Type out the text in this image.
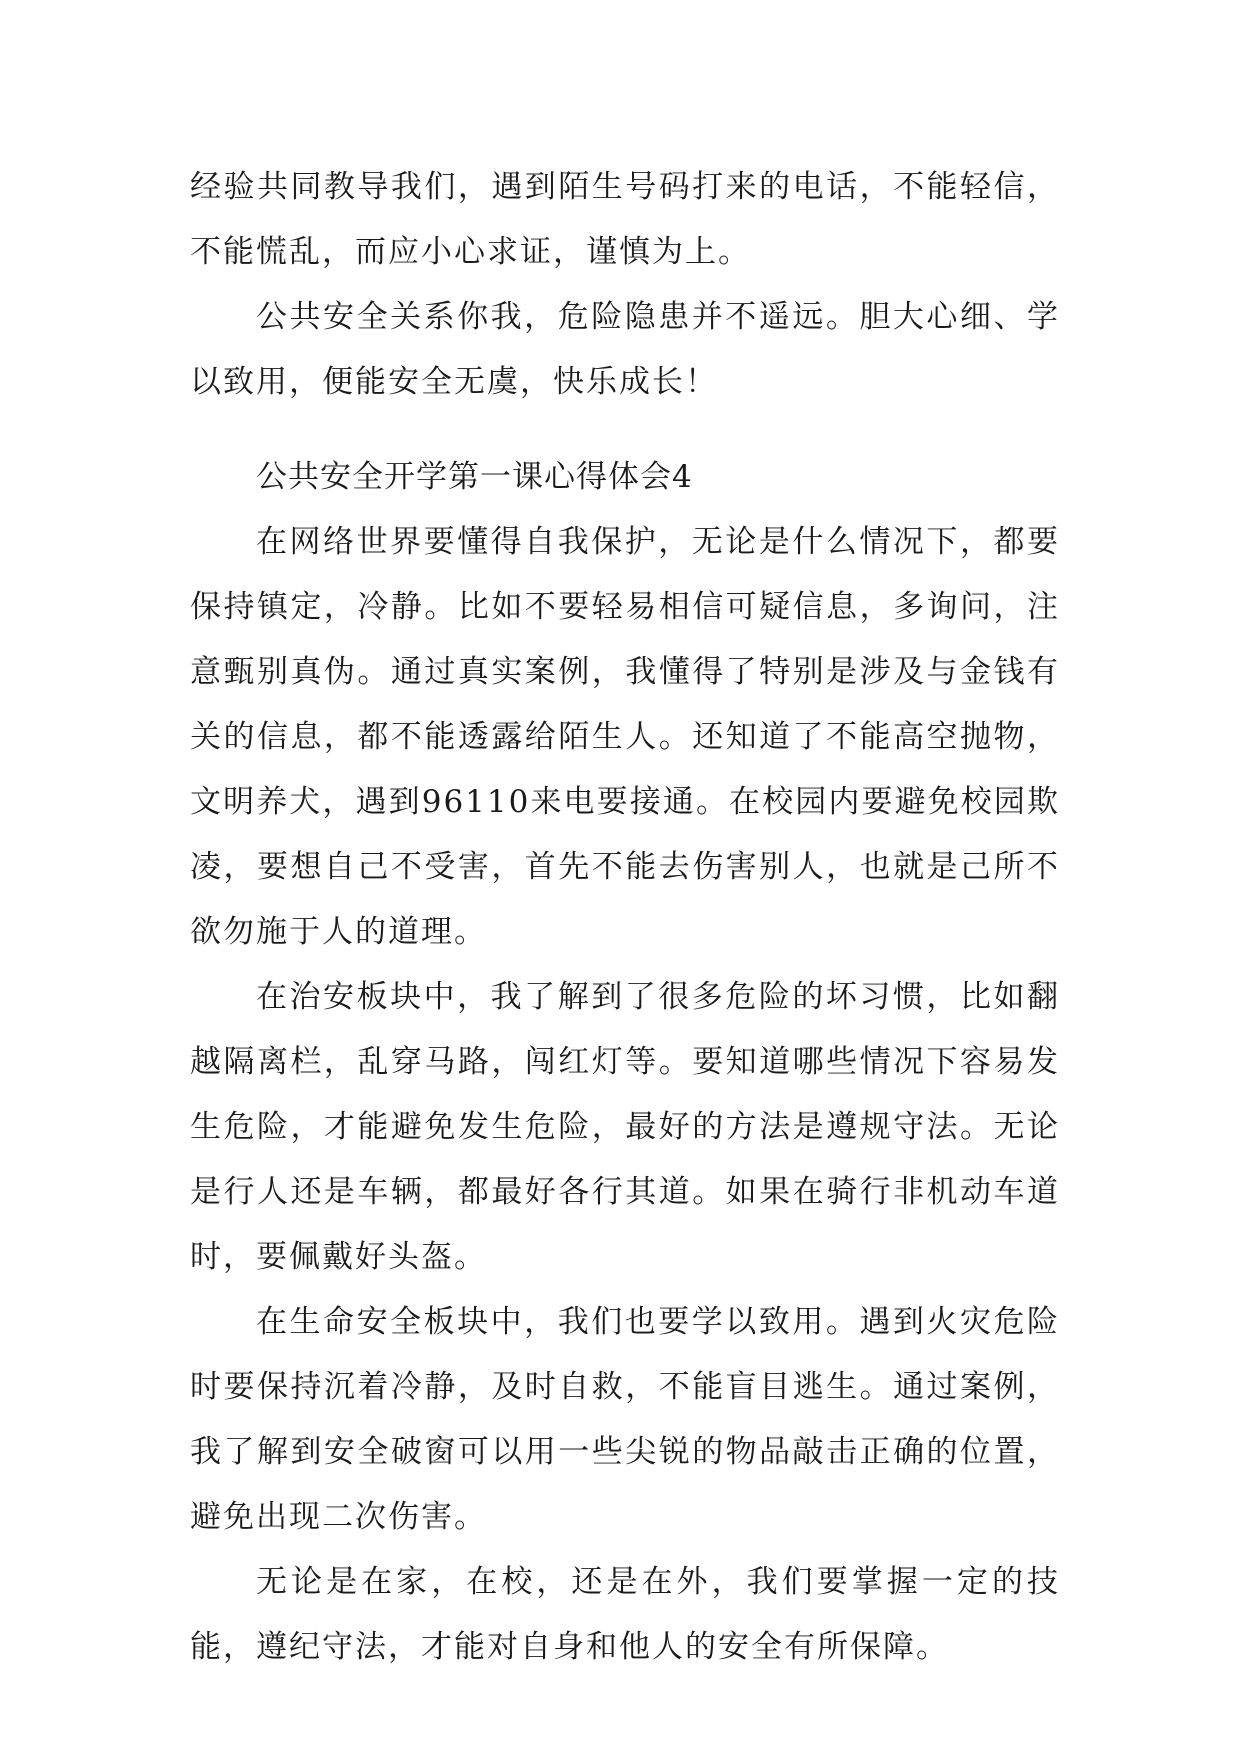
经验共同教导我们，遇到陌生号码打来的电话，不能轻信，不能慌乱，而应小心求证，谨慎为上。

公共安全关系你我，危险隐患并不遥远。胆大心细、学以致用，便能安全无虞，快乐成长！

公共安全开学第一课心得体会4

在网络世界要懂得自我保护，无论是什么情况下，都要保持镇定，冷静。比如不要轻易相信可疑信息，多询问，注意甄别真伪。通过真实案例，我懂得了特别是涉及与金钱有关的信息，都不能透露给陌生人。还知道了不能高空抛物，文明养犬，遇到96110来电要接通。在校园内要避免校园欺凌，要想自己不受害，首先不能去伤害别人，也就是己所不欲勿施于人的道理。

在治安板块中，我了解到了很多危险的坏习惯，比如翻越隔离栏，乱穿马路，闯红灯等。要知道哪些情况下容易发生危险，才能避免发生危险，最好的方法是遵规守法。无论是行人还是车辆，都最好各行其道。如果在骑行非机动车道时，要佩戴好头盔。

在生命安全板块中，我们也要学以致用。遇到火灾危险时要保持沉着冷静，及时自救，不能盲目逃生。通过案例，我了解到安全破窗可以用一些尖锐的物品敲击正确的位置，避免出现二次伤害。

无论是在家，在校，还是在外，我们要掌握一定的技能，遵纪守法，才能对自身和他人的安全有所保障。
